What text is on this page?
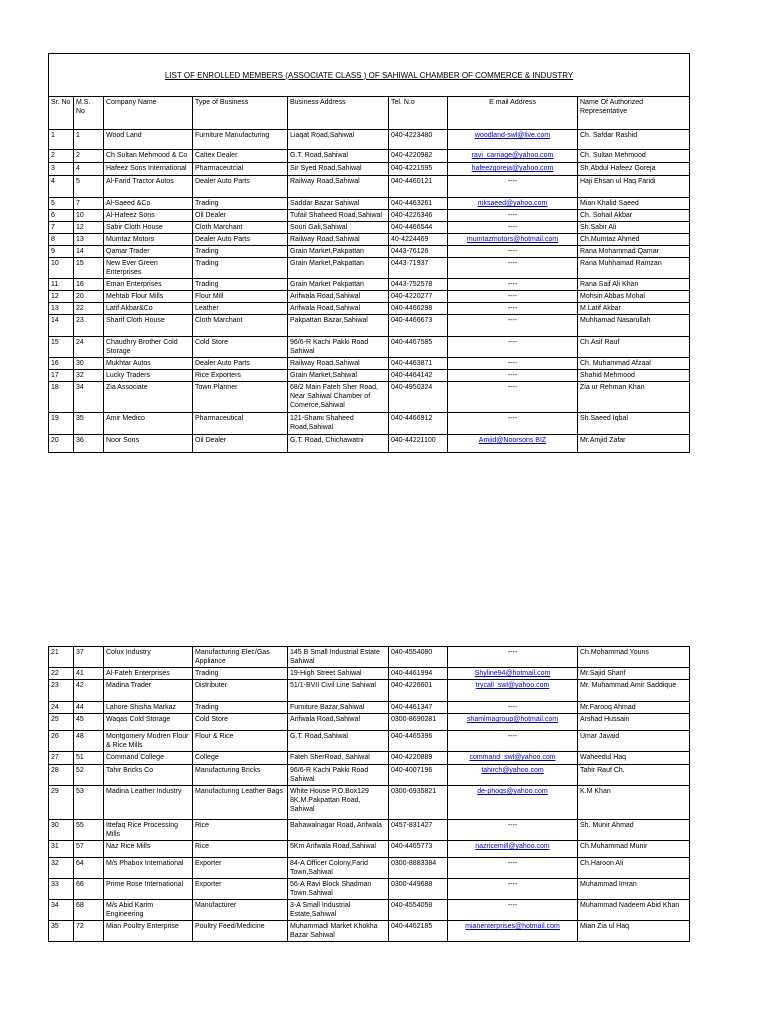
LIST OF ENROLLED MEMBERS (ASSOCIATE CLASS ) OF SAHIWAL CHAMBER OF COMMERCE & INDUSTRY							
Sr. No	M.S. No	Company Name	Type of Business	Business Address	Tel. N.o	E mail Address	Name Of Authorized Representative
1	1	Wood Land	Furniture Manufacturing	Liaqat Road,Sahiwal	040-4223480	woodland-swl@live.com	Ch. Safdar Rashid
2	2	Ch Sultan Mehmood & Co	Caltex Dealer	G.T. Road,Sahiwal	040-4220982	ravi_carriage@yahoo.com	Ch. Sultan Mehmood
3	4	Hafeez Sons International	Pharmaceutcial	Sir Syed Road,Sahiwal	040-4221595	hafeezgoreja@yahoo.com	Sh.Abdul Hafeez Goreja
4	5	Al-Farid Tractor Autos	Dealer Auto Parts	Railway Road,Sahiwal	040-4460121	----	Haji Ehsan ul Haq Faridi
5	7	Al-Saeed &Co	Trading	Saddar Bazar Sahiwal	040-4463261	mksaeed@yahoo.com	Mian Khalid Saeed
6	10	Al-Hafeez Sons	Oil Dealer	Tufail Shaheed Road,Sahiwal	040-4226346	----	Ch. Sohail Akbar
7	12	Sabir Cloth House	Cloth Marchant	Souri Gali,Sahiwal	040-4466544	----	Sh.Sabir Ali
8	13	Mumtaz Motors	Dealer Auto Parts	Railway Road,Sahiwal	40-4224469	mumtazmotors@hotmail.com	Ch.Mumtaz Ahmed
9	14	Qamar Trader	Trading	Grain Market,Pakpattan	0443-76126	----	Rana Mohammad Qamar
10	15	New Ever Green Enterprises	Trading	Grain Market,Pakpattan	0443-71937	----	Rana Muhhamad Ramzan
11	16	Eman Enterprises	Trading	Grain Market Pakpattan	0443-752578	----	Rana Saif Ali Khan
12	20	Mehtab Flour Mills	Flour Mill	Arifwala Road,Sahiwal	040-4220277	----	Mohsin Abbas Mohal
13	22	Latif Akbar&Co	Leather	Arifwala Road,Sahiwal	040-4466298	----	M.Latif Akbar
14	23	Sharif Cloth House	Cloth Marchant	Pakpattan Bazar,Sahiwal	040-4466673	----	Muhhamad Nasarullah
15	24	Chaudhry Brother Cold Storage	Cold Store	96/6-R Kachi Pakki Road Sahiwal	040-4467585	----	Ch.Asif Rauf
16	30	Mukhtar Autos	Dealer Auto Parts	Railway Road,Sahiwal	040-4463871	----	Ch. Muhammad Afzaal
17	32	Lucky Traders	Rice Exporters	Grain Market,Sahiwal	040-4464142	----	Shahid Mehmood
18	34	Zia Associate	Town Planner	68/2 Main Fateh Sher Road, Near Sahiwal Chamber of Comerce,Sahiwal	040-4950324	----	Zia ur Rehman Khan
19	35	Amir Medico	Pharmaceutical	121-Shami Shaheed Road,Sahiwal	040-4466912	----	Sh.Saeed Iqbal
20	36	Noor Sons	Oil Dealer	G.T. Road, Chichawatni	040-44221100	Amjid@Noorsons BIZ	Mr.Amjid Zafar
21	37	Colux Industry	Manufacturing Elec/Gas Appliance	145 B Small Industrial Estate Sahiwal	040-4554080	----	Ch.Mohammad Youns
22	41	Al-Fateh Enterprises	Trading	19-High Street Sahiwal	040-4461994	Shyline94@hotmail.com	Mr.Sajid Sharif
23	42	Madina Trader	Distributer	51/1-BVII Civil Line Sahiwal	040-4226601	trycall_swl@yahoo.com	Mr. Muhammad Amir Saddique
24	44	Lahore Shisha Markaz	Trading	Furniture Bazar,Sahiwal	040-4461347	----	Mr.Farooq Ahmad
25	45	Waqas Cold Storage	Cold Store	Arifwala Road,Sahiwal	0300-8690281	shamimagroup@hotmail.com	Arshad Hussain
26	48	Montgomery Modren Flour & Rice Mills	Flour & Rice	G.T. Road,Sahiwal	040-4465396	----	Umar Javaid
27	51	Command College	College	Fateh SherRoad, Sahiwal	040-4220889	command_swl@yahoo.com	Waheedul Haq
28	52	Tahir Bricks Co	Manufacturing Bricks	96/6-R Kachi Pakki Road Sahiwal	040-4007196	tahirch@yahoo.com	Tahir Rauf Ch.
29	53	Madina Leather Industry	Manufacturing Leather Bags	White House P.O.Box129 8K.M.Pakpattan Road, Sahiwal	0300-6935821	de-phoqs@yahoo.com	K.M Khan
30	55	Ittefaq Rice Processing Mills	Rice	Bahawalnagar Road, Arifwala	0457-831427	----	Sh. Munir Ahmad
31	57	Naz Rice Mills	Rice	5Km Arifwala Road,Sahiwal	040-4465773	nazricemill@yahoo.com	Ch.Muhammad Munir
32	64	M/s Phabox International	Exporter	84-A Officer Colony,Farid Town,Sahiwal	0300-8883384	----	Ch.Haroon Ali
33	66	Prime Rose International	Exporter	56-A Ravi Block Shadman Town Sahiwal	0300-449688	----	Muhammad Imran
34	68	M/s Abid Karim Engineering	Manufacturer	3-A Small Industrial Estate,Sahiwal	040-4554058	----	Muhammad Nadeem Abid Khan
35	72	Mian Poultry Enterprise	Poultry Feed/Medicine	Muhammadi Market Khokha Bazar Sahiwal	040-4462185	mianenterprises@hotmail.com	Mian Zia ul Haq
